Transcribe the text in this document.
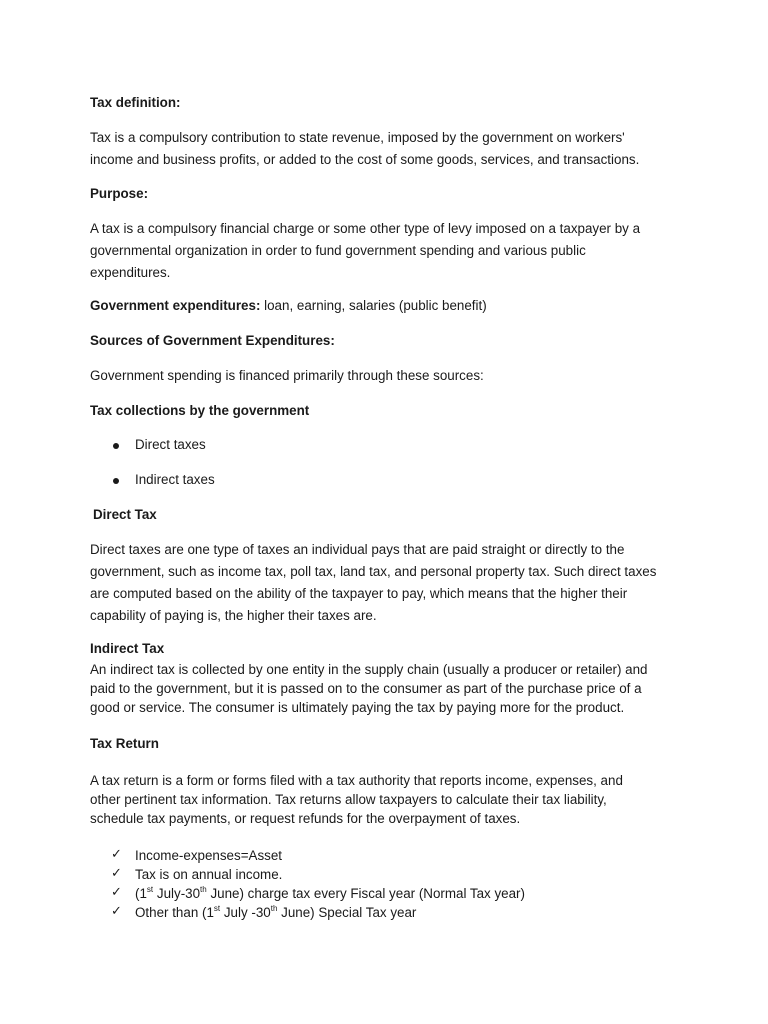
Tax definition:

Tax is a compulsory contribution to state revenue, imposed by the government on workers'
income and business profits, or added to the cost of some goods, services, and transactions.

Purpose:

A tax is a compulsory financial charge or some other type of levy imposed on a taxpayer by a
governmental organization in order to fund government spending and various public
expenditures.

Government expenditures: loan, earning, salaries (public benefit)

Sources of Government Expenditures:

Government spending is financed primarily through these sources:

Tax collections by the government
Direct taxes
Indirect taxes
Direct Tax

Direct taxes are one type of taxes an individual pays that are paid straight or directly to the
government, such as income tax, poll tax, land tax, and personal property tax. Such direct taxes
are computed based on the ability of the taxpayer to pay, which means that the higher their
capability of paying is, the higher their taxes are.

Indirect Tax

An indirect tax is collected by one entity in the supply chain (usually a producer or retailer) and
paid to the government, but it is passed on to the consumer as part of the purchase price of a
good or service. The consumer is ultimately paying the tax by paying more for the product.

Tax Return

A tax return is a form or forms filed with a tax authority that reports income, expenses, and
other pertinent tax information. Tax returns allow taxpayers to calculate their tax liability,
schedule tax payments, or request refunds for the overpayment of taxes.

✓ Income-expenses=Asset
✓ Tax is on annual income.
✓ (1st July-30th June) charge tax every Fiscal year (Normal Tax year)
✓ Other than (1st July -30th June) Special Tax year
